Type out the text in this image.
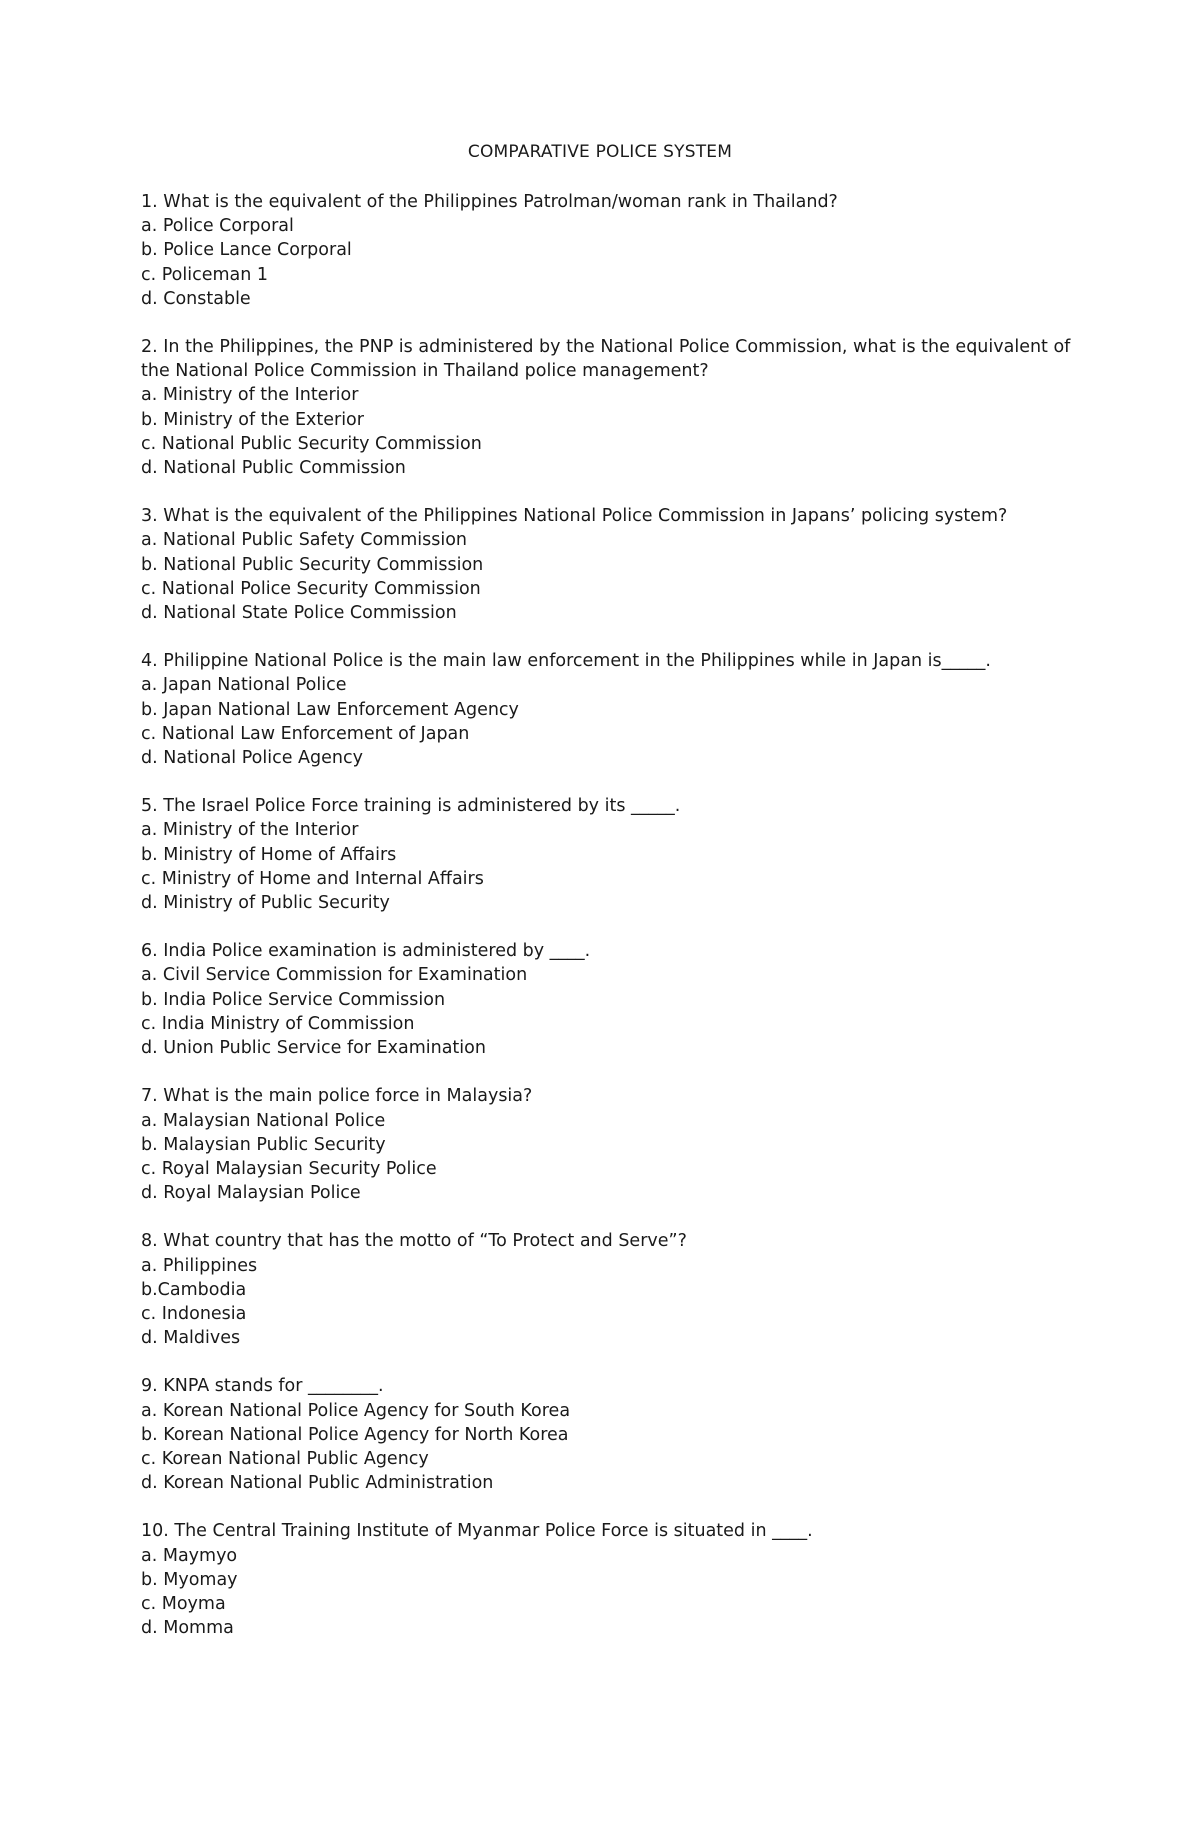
COMPARATIVE POLICE SYSTEM

1. What is the equivalent of the Philippines Patrolman/woman rank in Thailand?

a. Police Corporal
b. Police Lance Corporal
c. Policeman 1
d. Constable

2. In the Philippines, the PNP is administered by the National Police Commission, what is the equivalent of the National Police Commission in Thailand police management?

a. Ministry of the Interior
b. Ministry of the Exterior
c. National Public Security Commission
d. National Public Commission

3. What is the equivalent of the Philippines National Police Commission in Japans’ policing system?

a. National Public Safety Commission
b. National Public Security Commission
c. National Police Security Commission
d. National State Police Commission

4. Philippine National Police is the main law enforcement in the Philippines while in Japan is_____.

a. Japan National Police
b. Japan National Law Enforcement Agency
c. National Law Enforcement of Japan
d. National Police Agency

5. The Israel Police Force training is administered by its _____.

a. Ministry of the Interior
b. Ministry of Home of Affairs
c. Ministry of Home and Internal Affairs
d. Ministry of Public Security

6. India Police examination is administered by ____.

a. Civil Service Commission for Examination
b. India Police Service Commission
c. India Ministry of Commission
d. Union Public Service for Examination

7. What is the main police force in Malaysia?

a. Malaysian National Police
b. Malaysian Public Security
c. Royal Malaysian Security Police
d. Royal Malaysian Police

8. What country that has the motto of “To Protect and Serve”?

a. Philippines
b.Cambodia
c. Indonesia
d. Maldives

9. KNPA stands for ________.

a. Korean National Police Agency for South Korea
b. Korean National Police Agency for North Korea
c. Korean National Public Agency
d. Korean National Public Administration

10. The Central Training Institute of Myanmar Police Force is situated in ____.

a. Maymyo
b. Myomay
c. Moyma
d. Momma
